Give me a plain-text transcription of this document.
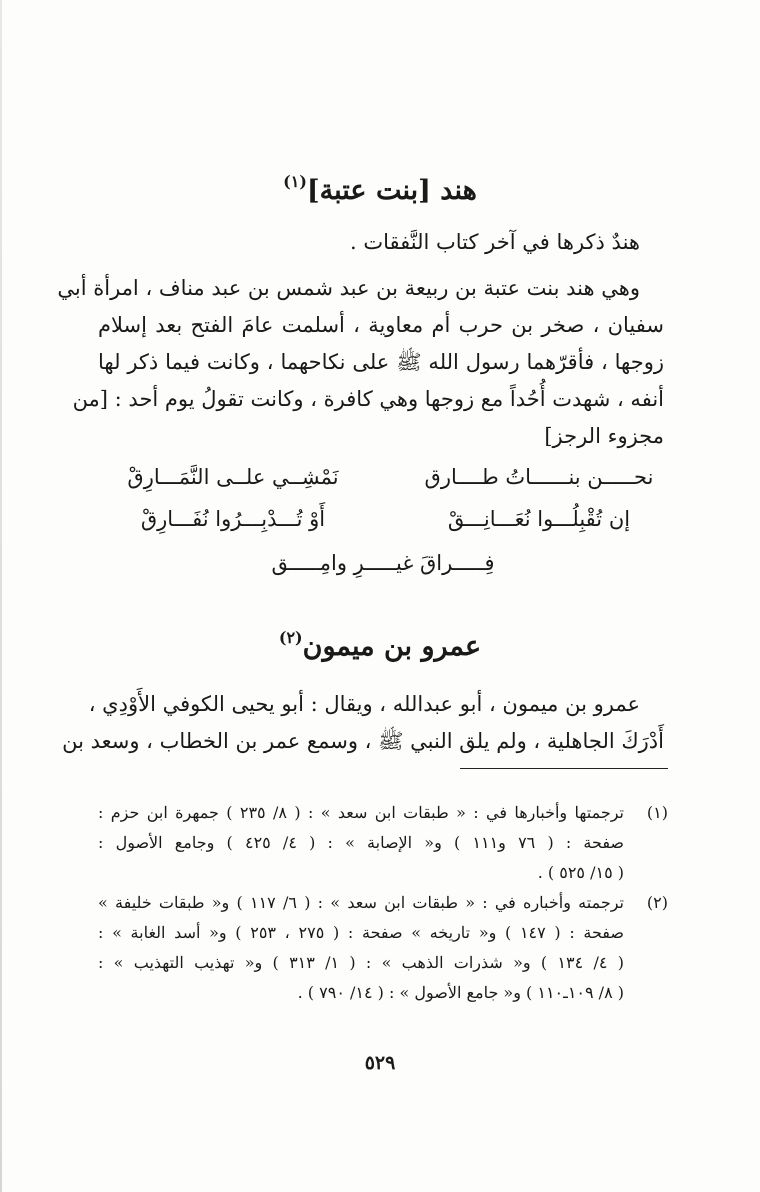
هند [بنت عتبة]$^{(١)}$
هندٌ ذكرها في آخر كتاب النَّفقات .
وهي هند بنت عتبة بن ربيعة بن عبد شمس بن عبد مناف ، امرأة أبي
سفيان ، صخر بن حرب أم معاوية ، أسلمت عامَ الفتح بعد إسلام
زوجها ، فأقرّهما رسول الله ﷺ على نكاحهما ، وكانت فيما ذكر لها
أنفه ، شهدت أُحُداً مع زوجها وهي كافرة ، وكانت تقولُ يوم أحد : [من
مجزوء الرجز]
نحـــــن بنــــــاتُ طــــارق
نَمْشِــي علــى النَّمَـــارِقْ
إن تُقْبِلُـــوا نُعَـــانِـــقْ
أَوْ تُـــدْبِـــرُوا نُفَـــارِقْ
فِـــــراقَ غيـــــرِ وامِـــــق
عمرو بن ميمون$^{(٢)}$
عمرو بن ميمون ، أبو عبدالله ، ويقال : أبو يحيى الكوفي الأَوْدِي ،
أَدْرَكَ الجاهلية ، ولم يلق النبي ﷺ ، وسمع عمر بن الخطاب ، وسعد بن
(١)
ترجمتها وأخبارها في : « طبقات ابن سعد » : ( ٨/ ٢٣٥ ) جمهرة ابن حزم :
صفحة : ( ٧٦ و١١١ ) و« الإصابة » : ( ٤/ ٤٢٥ ) وجامع الأصول :
( ١٥/ ٥٢٥ ) .
(٢)
ترجمته وأخباره في : « طبقات ابن سعد » : ( ٦/ ١١٧ ) و« طبقات خليفة »
صفحة : ( ١٤٧ ) و« تاريخه » صفحة : ( ٢٧٥ ، ٢٥٣ ) و« أسد الغابة » :
( ٤/ ١٣٤ ) و« شذرات الذهب » : ( ١/ ٣١٣ ) و« تهذيب التهذيب » :
( ٨/ ١٠٩ـ١١٠ ) و« جامع الأصول » : ( ١٤/ ٧٩٠ ) .
٥٢٩
